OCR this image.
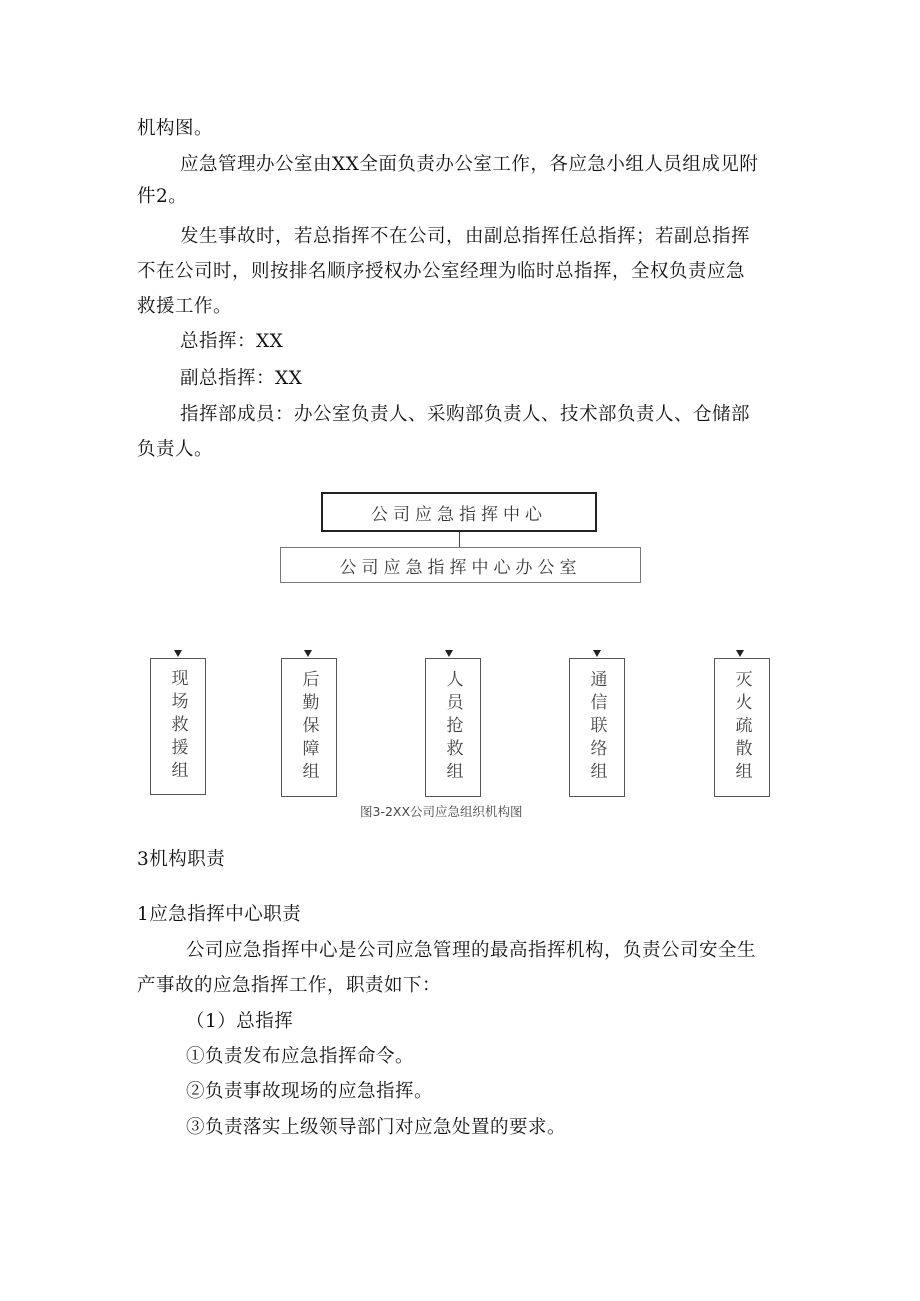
机构图。
应急管理办公室由XX全面负责办公室工作，各应急小组人员组成见附
件2。
发生事故时，若总指挥不在公司，由副总指挥任总指挥；若副总指挥
不在公司时，则按排名顺序授权办公室经理为临时总指挥，全权负责应急
救援工作。
总指挥：XX
副总指挥：XX
指挥部成员：办公室负责人、采购部负责人、技术部负责人、仓储部
负责人。
公司应急指挥中心
公司应急指挥中心办公室
现场救援组	后勤保障组	人员抢救组	通信联络组	灭火疏散组
图3-2XX公司应急组织机构图
3机构职责
1应急指挥中心职责
公司应急指挥中心是公司应急管理的最高指挥机构，负责公司安全生
产事故的应急指挥工作，职责如下：
（1）总指挥
①负责发布应急指挥命令。
②负责事故现场的应急指挥。
③负责落实上级领导部门对应急处置的要求。
